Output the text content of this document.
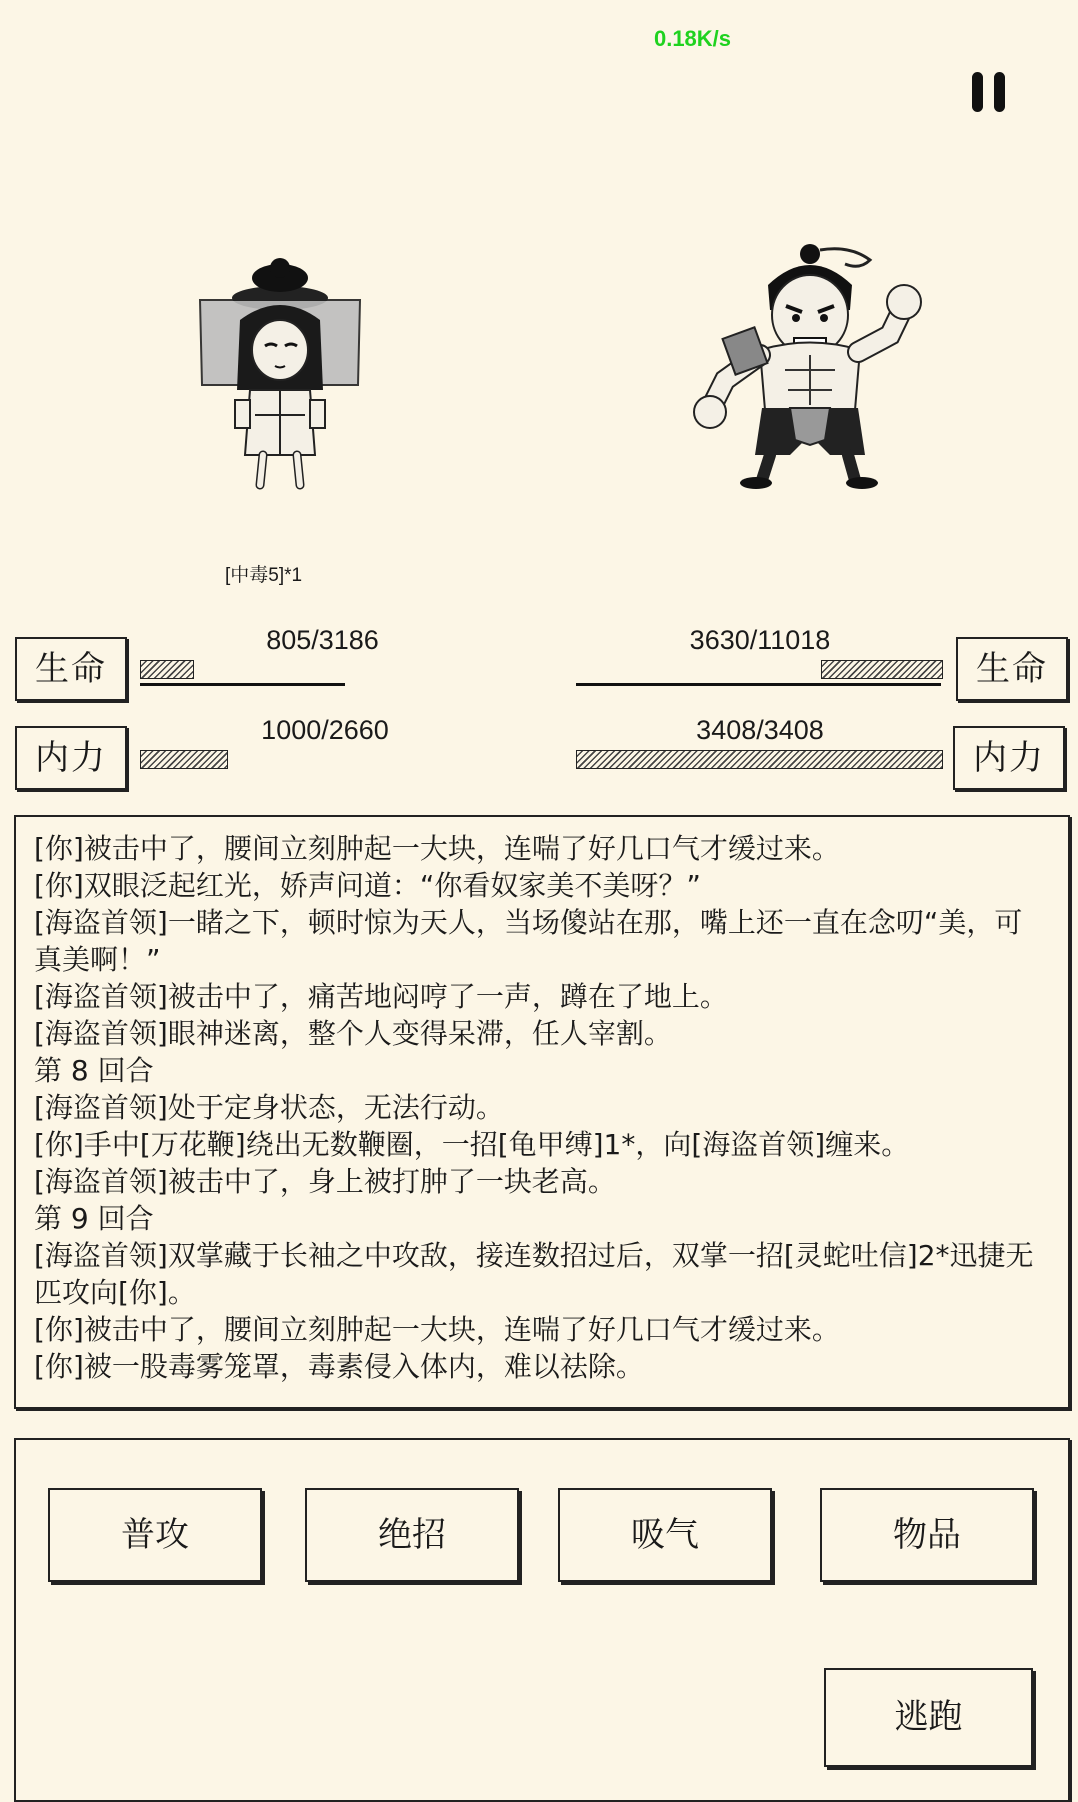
0.18K/s
[中毒5]*1
生命
805/3186
内力
1000/2660
生命
3630/11018
内力
3408/3408
[你]被击中了，腰间立刻肿起一大块，连喘了好几口气才缓过来。
[你]双眼泛起红光，娇声问道：“你看奴家美不美呀？”
[海盗首领]一睹之下，顿时惊为天人，当场傻站在那，嘴上还一直在念叨“美，可真美啊！”
[海盗首领]被击中了，痛苦地闷哼了一声，蹲在了地上。
[海盗首领]眼神迷离，整个人变得呆滞，任人宰割。
第 8 回合
[海盗首领]处于定身状态，无法行动。
[你]手中[万花鞭]绕出无数鞭圈，一招[龟甲缚]1*，向[海盗首领]缠来。
[海盗首领]被击中了，身上被打肿了一块老高。
第 9 回合
[海盗首领]双掌藏于长袖之中攻敌，接连数招过后，双掌一招[灵蛇吐信]2*迅捷无匹攻向[你]。
[你]被击中了，腰间立刻肿起一大块，连喘了好几口气才缓过来。
[你]被一股毒雾笼罩，毒素侵入体内，难以祛除。
普攻	绝招	吸气	物品
逃跑
